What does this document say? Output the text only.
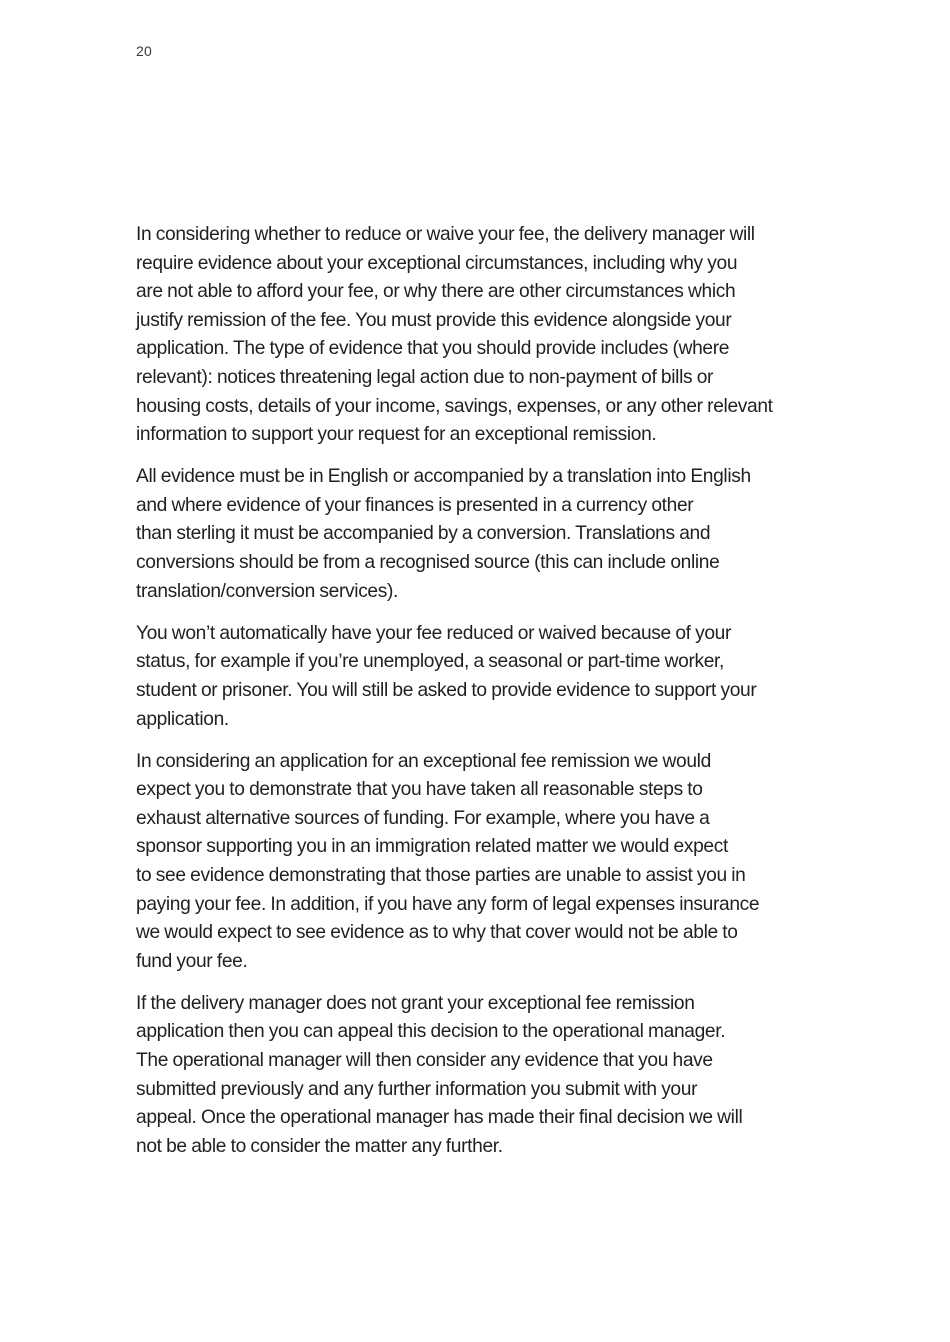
20

In considering whether to reduce or waive your fee, the delivery manager will
require evidence about your exceptional circumstances, including why you
are not able to afford your fee, or why there are other circumstances which
justify remission of the fee. You must provide this evidence alongside your
application. The type of evidence that you should provide includes (where
relevant): notices threatening legal action due to non-payment of bills or
housing costs, details of your income, savings, expenses, or any other relevant
information to support your request for an exceptional remission.

All evidence must be in English or accompanied by a translation into English
and where evidence of your finances is presented in a currency other
than sterling it must be accompanied by a conversion. Translations and
conversions should be from a recognised source (this can include online
translation/conversion services).

You won’t automatically have your fee reduced or waived because of your
status, for example if you’re unemployed, a seasonal or part-time worker,
student or prisoner. You will still be asked to provide evidence to support your
application.

In considering an application for an exceptional fee remission we would
expect you to demonstrate that you have taken all reasonable steps to
exhaust alternative sources of funding. For example, where you have a
sponsor supporting you in an immigration related matter we would expect
to see evidence demonstrating that those parties are unable to assist you in
paying your fee. In addition, if you have any form of legal expenses insurance
we would expect to see evidence as to why that cover would not be able to
fund your fee.

If the delivery manager does not grant your exceptional fee remission
application then you can appeal this decision to the operational manager.
The operational manager will then consider any evidence that you have
submitted previously and any further information you submit with your
appeal. Once the operational manager has made their final decision we will
not be able to consider the matter any further.
